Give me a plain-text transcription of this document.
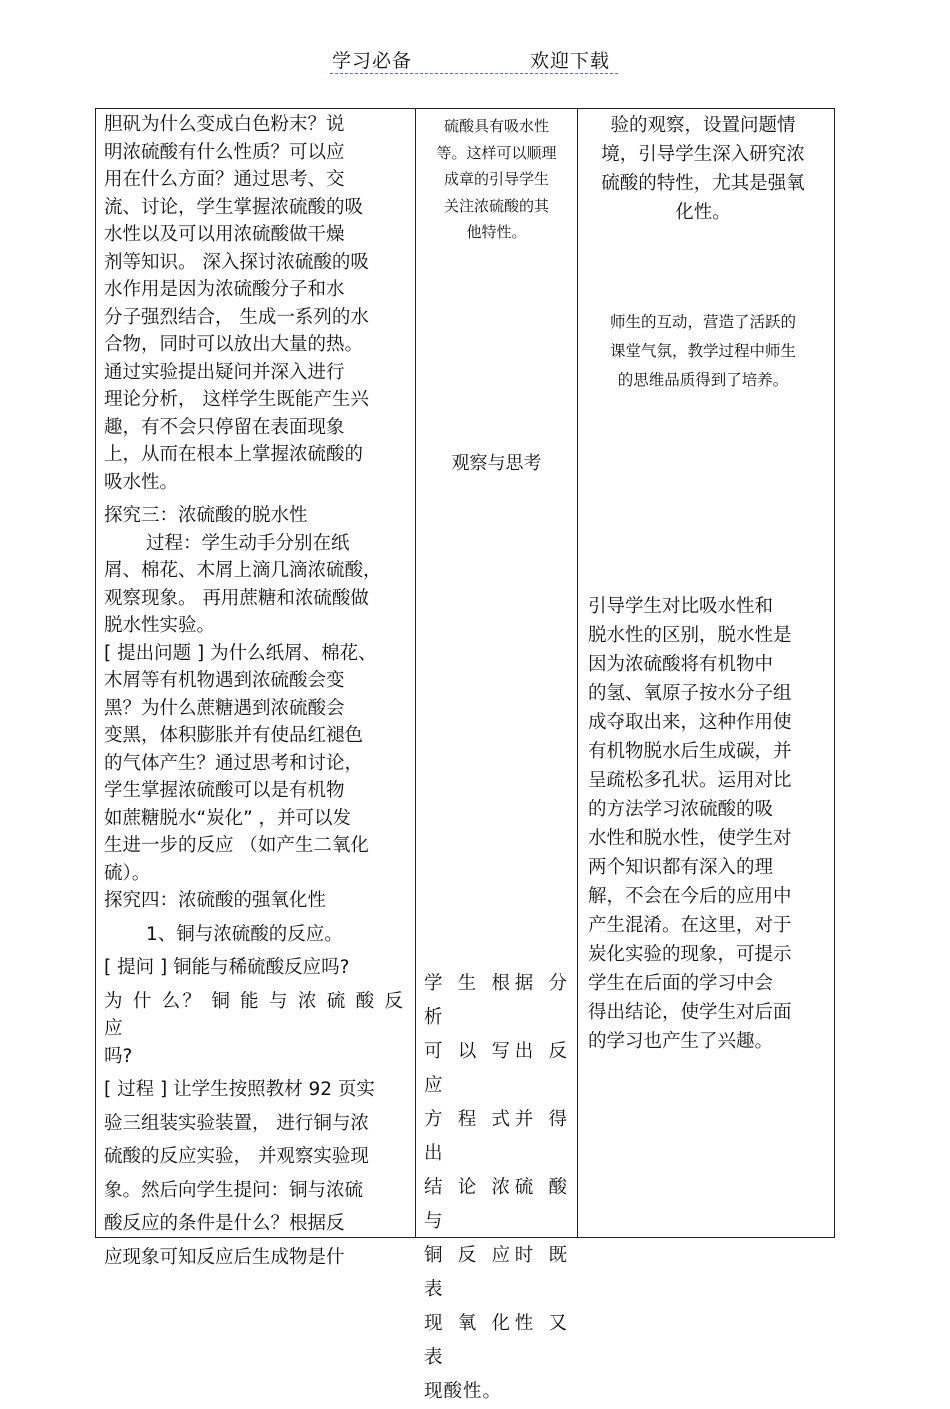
学习必备	欢迎下载

胆矾为什么变成白色粉末？说

明浓硫酸有什么性质？可以应

用在什么方面？通过思考、交

流、讨论，学生掌握浓硫酸的吸

水性以及可以用浓硫酸做干燥

剂等知识。 深入探讨浓硫酸的吸

水作用是因为浓硫酸分子和水

分子强烈结合， 生成一系列的水

合物，同时可以放出大量的热。

通过实验提出疑问并深入进行

理论分析， 这样学生既能产生兴

趣，有不会只停留在表面现象

上，从而在根本上掌握浓硫酸的

吸水性。

探究三：浓硫酸的脱水性

过程：学生动手分别在纸

屑、棉花、木屑上滴几滴浓硫酸，

观察现象。 再用蔗糖和浓硫酸做

脱水性实验。

[ 提出问题 ] 为什么纸屑、棉花、

木屑等有机物遇到浓硫酸会变

黑？为什么蔗糖遇到浓硫酸会

变黑，体积膨胀并有使品红褪色

的气体产生？通过思考和讨论，

学生掌握浓硫酸可以是有机物

如蔗糖脱水“炭化” ，并可以发

生进一步的反应 （如产生二氧化

硫）。

探究四：浓硫酸的强氧化性

1、铜与浓硫酸的反应。

[ 提问 ] 铜能与稀硫酸反应吗?

为 什 么？ 铜 能 与 浓 硫 酸 反 应

吗?

[ 过程 ] 让学生按照教材 92 页实

验三组装实验装置， 进行铜与浓

硫酸的反应实验， 并观察实验现

象。然后向学生提问：铜与浓硫

酸反应的条件是什么？根据反

应现象可知反应后生成物是什

硫酸具有吸水性
等。这样可以顺理
成章的引导学生
关注浓硫酸的其
他特性。
观察与思考
学 生 根据 分 析
可 以 写出 反 应
方 程 式并 得 出
结 论 浓硫 酸 与
铜 反 应时 既 表
现 氧 化性 又 表
现酸性。
验的观察，设置问题情
境，引导学生深入研究浓
硫酸的特性，尤其是强氧
化性。
师生的互动，营造了活跃的
课堂气氛，教学过程中师生
的思维品质得到了培养。
引导学生对比吸水性和
脱水性的区别，脱水性是
因为浓硫酸将有机物中
的氢、氧原子按水分子组
成夺取出来，这种作用使
有机物脱水后生成碳，并
呈疏松多孔状。运用对比
的方法学习浓硫酸的吸
水性和脱水性，使学生对
两个知识都有深入的理
解，不会在今后的应用中
产生混淆。在这里，对于
炭化实验的现象，可提示
学生在后面的学习中会
得出结论，使学生对后面
的学习也产生了兴趣。
